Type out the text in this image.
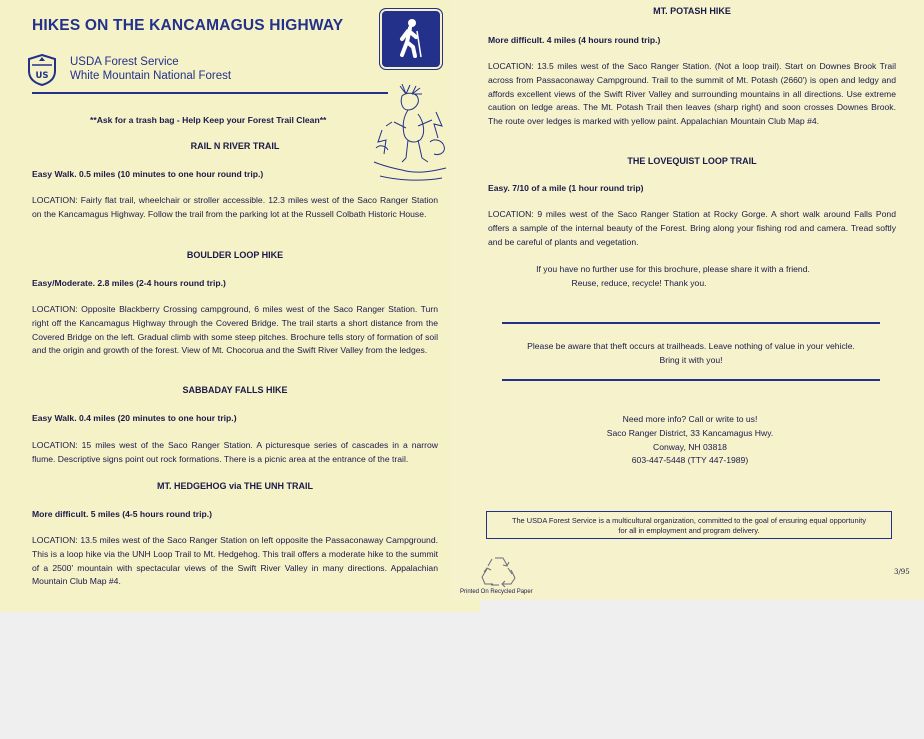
HIKES ON THE KANCAMAGUS HIGHWAY
US
USDA Forest Service
White Mountain National Forest
**Ask for a trash bag - Help Keep your Forest Trail Clean**
RAIL N RIVER TRAIL
Easy Walk. 0.5 miles (10 minutes to one hour round trip.)
LOCATION: Fairly flat trail, wheelchair or stroller accessible. 12.3 miles west of the Saco Ranger Station on the Kancamagus Highway. Follow the trail from the parking lot at the Russell Colbath Historic House.
BOULDER LOOP HIKE
Easy/Moderate. 2.8 miles (2-4 hours round trip.)
LOCATION: Opposite Blackberry Crossing campground, 6 miles west of the Saco Ranger Station. Turn right off the Kancamagus Highway through the Covered Bridge. The trail starts a short distance from the Covered Bridge on the left. Gradual climb with some steep pitches. Brochure tells story of formation of soil and the origin and growth of the forest. View of Mt. Chocorua and the Swift River Valley from the ledges.
SABBADAY FALLS HIKE
Easy Walk. 0.4 miles (20 minutes to one hour trip.)
LOCATION: 15 miles west of the Saco Ranger Station. A picturesque series of cascades in a narrow flume. Descriptive signs point out rock formations. There is a picnic area at the entrance of the trail.
MT. HEDGEHOG via THE UNH TRAIL
More difficult. 5 miles (4-5 hours round trip.)
LOCATION: 13.5 miles west of the Saco Ranger Station on left opposite the Passaconaway Campground. This is a loop hike via the UNH Loop Trail to Mt. Hedgehog. This trail offers a moderate hike to the summit of a 2500' mountain with spectacular views of the Swift River Valley in many directions. Appalachian Mountain Club Map #4.
MT. POTASH HIKE
More difficult. 4 miles (4 hours round trip.)
LOCATION: 13.5 miles west of the Saco Ranger Station. (Not a loop trail). Start on Downes Brook Trail across from Passaconaway Campground. Trail to the summit of Mt. Potash (2660') is open and ledgy and affords excellent views of the Swift River Valley and surrounding mountains in all directions. Use extreme caution on ledge areas. The Mt. Potash Trail then leaves (sharp right) and soon crosses Downes Brook. The route over ledges is marked with yellow paint. Appalachian Mountain Club Map #4.
THE LOVEQUIST LOOP TRAIL
Easy. 7/10 of a mile (1 hour round trip)
LOCATION: 9 miles west of the Saco Ranger Station at Rocky Gorge. A short walk around Falls Pond offers a sample of the internal beauty of the Forest. Bring along your fishing rod and camera. Tread softly and be careful of plants and vegetation.
If you have no further use for this brochure, please share it with a friend.
Reuse, reduce, recycle! Thank you.
Please be aware that theft occurs at trailheads. Leave nothing of value in your vehicle.
Bring it with you!
Need more info? Call or write to us!
Saco Ranger District, 33 Kancamagus Hwy.
Conway, NH 03818
603-447-5448 (TTY 447-1989)
The USDA Forest Service is a multicultural organization, committed to the goal of ensuring equal opportunity
for all in employment and program delivery.
Printed On Recycled Paper
3/95
